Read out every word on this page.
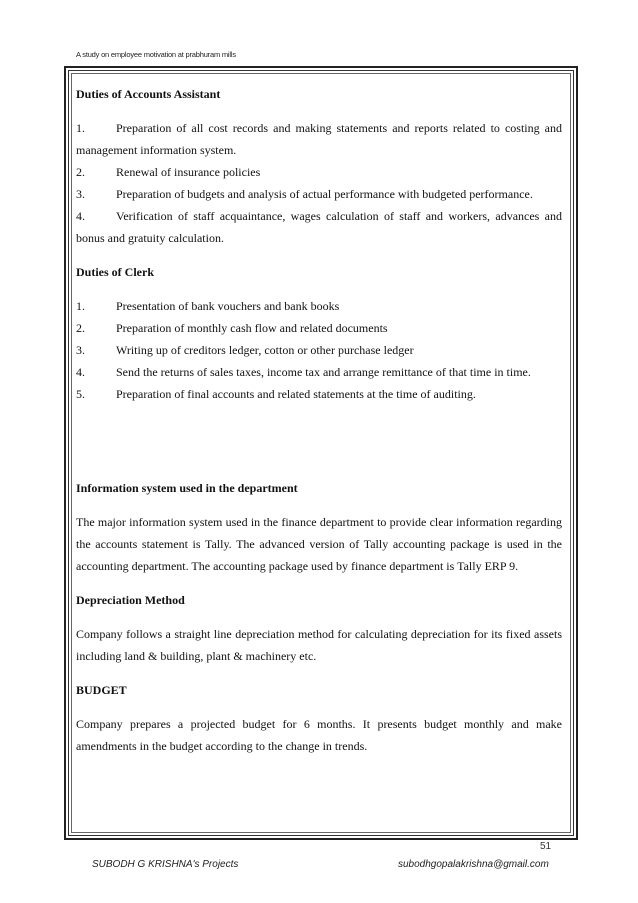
A study on employee motivation at prabhuram mills
Duties of Accounts Assistant
1.	Preparation of all cost records and making statements and reports related to costing and management information system.
2.	Renewal of insurance policies
3.	Preparation of budgets and analysis of actual performance with budgeted performance.
4.	Verification of staff acquaintance, wages calculation of staff and workers, advances and bonus and gratuity calculation.
Duties of Clerk
1.	Presentation of bank vouchers and bank books
2.	Preparation of monthly cash flow and related documents
3.	Writing up of creditors ledger, cotton or other purchase ledger
4.	Send the returns of sales taxes, income tax and arrange remittance of that time in time.
5.	Preparation of final accounts and related statements at the time of auditing.
Information system used in the department
The major information system used in the finance department to provide clear information regarding the accounts statement is Tally. The advanced version of Tally accounting package is used in the accounting department. The accounting package used by finance department is Tally ERP 9.
Depreciation Method
Company follows a straight line depreciation method for calculating depreciation for its fixed assets including land & building, plant & machinery etc.
BUDGET
Company prepares a projected budget for 6 months. It presents budget monthly and make amendments in the budget according to the change in trends.
51
SUBODH G KRISHNA's Projects	subodhgopalakrishna@gmail.com
